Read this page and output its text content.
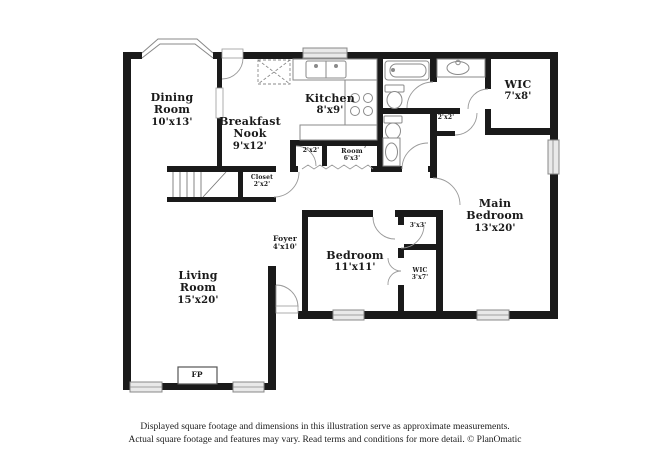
Dining Room
10'x13'	Breakfast Nook
9'x12'
Kitchen
8'x9'
Laundry Room
6'x3'
2'x2'
Closet
2'x2'
2'x2'
WIC
7'x8'
Main Bedroom
13'x20'
Bedroom
11'x11'
3'x3'
WIC
3'x7'
Foyer
4'x10'
Living Room
15'x20'
FP
Displayed square footage and dimensions in this illustration serve as approximate measurements.
Actual square footage and features may vary. Read terms and conditions for more detail. © PlanOmatic
